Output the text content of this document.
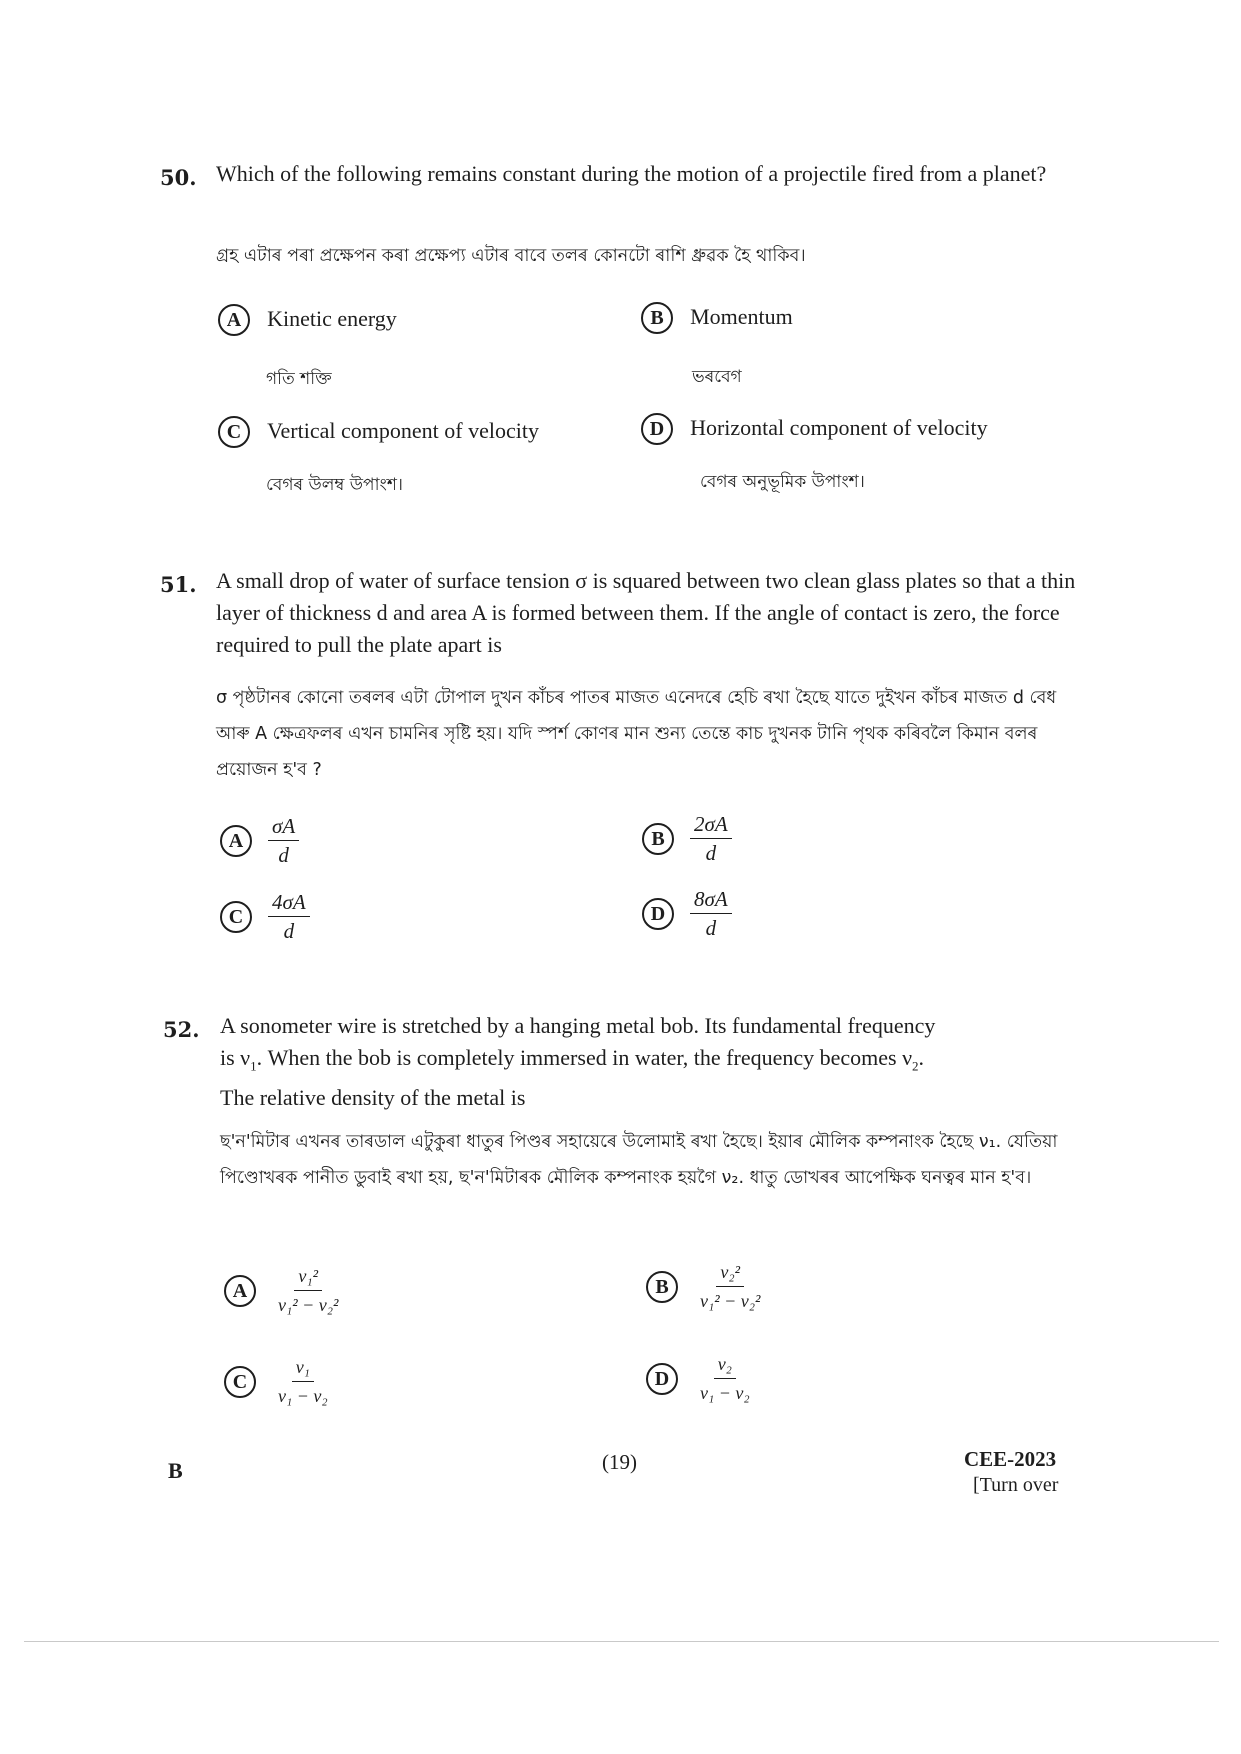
50. Which of the following remains constant during the motion of a projectile fired from a planet?
গ্ৰহ এটাৰ পৰা প্ৰক্ষেপন কৰা প্ৰক্ষেপ্য এটাৰ বাবে তলৰ কোনটো ৰাশি ধ্ৰুৱক হৈ থাকিব।
A Kinetic energy
গতি শক্তি
B Momentum
ভৰবেগ
C Vertical component of velocity
বেগৰ উলম্ব উপাংশ।
D Horizontal component of velocity
বেগৰ অনুভূমিক উপাংশ।
51. A small drop of water of surface tension σ is squared between two clean glass plates so that a thin layer of thickness d and area A is formed between them. If the angle of contact is zero, the force required to pull the plate apart is
σ পৃষ্ঠটানৰ কোনো তৰলৰ এটা টোপাল দুখন কাঁচৰ পাতৰ মাজত এনেদৰে হেচি ৰখা হৈছে যাতে দুইখন কাঁচৰ মাজত d বেধ আৰু A ক্ষেত্ৰফলৰ এখন চামনিৰ সৃষ্টি হয়। যদি স্পৰ্শ কোণৰ মান শুন্য তেন্তে কাচ দুখনক টানি পৃথক কৰিবলৈ কিমান বলৰ প্ৰয়োজন হ'ব ?
A	$\frac{\sigma A}{d}$	B	$\frac{2\sigma A}{d}$
C	$\frac{4\sigma A}{d}$	D	$\frac{8\sigma A}{d}$
52. A sonometer wire is stretched by a hanging metal bob. Its fundamental frequency
is $\nu_1$. When the bob is completely immersed in water, the frequency becomes $\nu_2$.
The relative density of the metal is
ছ'ন'মিটাৰ এখনৰ তাৰডাল এটুকুৰা ধাতুৰ পিণ্ডৰ সহায়েৰে উলোমাই ৰখা হৈছে। ইয়াৰ মৌলিক কম্পনাংক হৈছে ν₁. যেতিয়া পিণ্ডোখৰক পানীত ডুবাই ৰখা হয়, ছ'ন'মিটাৰক মৌলিক কম্পনাংক হয়গৈ ν₂. ধাতু ডোখৰৰ আপেক্ষিক ঘনত্বৰ মান হ'ব।
A	$\frac{\text{ν₁²}}{\text{ν₁² − ν₂²}}$	B	$\frac{\text{ν₂²}}{\text{ν₁² − ν₂²}}$
C	$\frac{\text{ν₁}}{\text{ν₁ − ν₂}}$	D	$\frac{\text{ν₂}}{\text{ν₁ − ν₂}}$
B	(19)	CEE-2023
[Turn over
